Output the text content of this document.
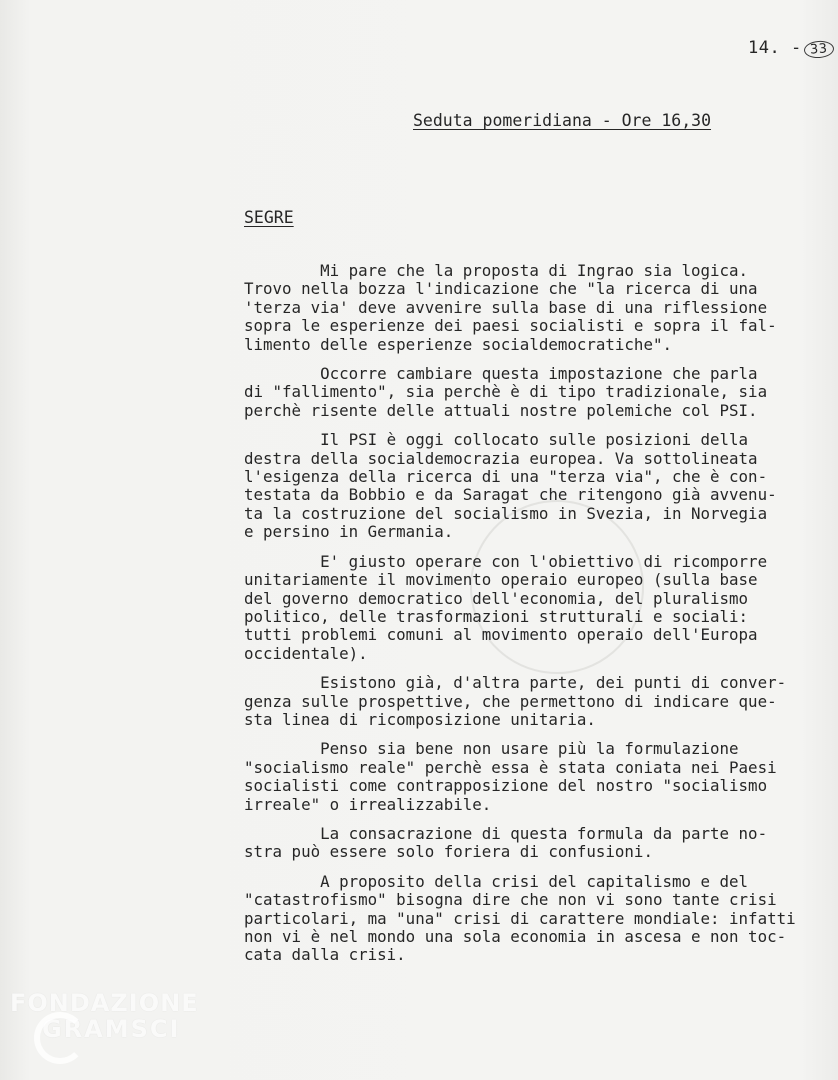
14. - 33
Seduta pomeridiana - Ore 16,30
SEGRE

Mi pare che la proposta di Ingrao sia logica.
Trovo nella bozza l'indicazione che "la ricerca di una
'terza via' deve avvenire sulla base di una riflessione
sopra le esperienze dei paesi socialisti e sopra il fal-
limento delle esperienze socialdemocratiche".

Occorre cambiare questa impostazione che parla
di "fallimento", sia perchè è di tipo tradizionale, sia
perchè risente delle attuali nostre polemiche col PSI.

Il PSI è oggi collocato sulle posizioni della
destra della socialdemocrazia europea. Va sottolineata
l'esigenza della ricerca di una "terza via", che è con-
testata da Bobbio e da Saragat che ritengono già avvenu-
ta la costruzione del socialismo in Svezia, in Norvegia
e persino in Germania.

E' giusto operare con l'obiettivo di ricomporre
unitariamente il movimento operaio europeo (sulla base
del governo democratico dell'economia, del pluralismo
politico, delle trasformazioni strutturali e sociali:
tutti problemi comuni al movimento operaio dell'Europa
occidentale).

Esistono già, d'altra parte, dei punti di conver-
genza sulle prospettive, che permettono di indicare que-
sta linea di ricomposizione unitaria.

Penso sia bene non usare più la formulazione
"socialismo reale" perchè essa è stata coniata nei Paesi
socialisti come contrapposizione del nostro "socialismo
irreale" o irrealizzabile.

La consacrazione di questa formula da parte no-
stra può essere solo foriera di confusioni.

A proposito della crisi del capitalismo e del
"catastrofismo" bisogna dire che non vi sono tante crisi
particolari, ma "una" crisi di carattere mondiale: infatti
non vi è nel mondo una sola economia in ascesa e non toc-
cata dalla crisi.

FONDAZIONE
GRAMSCI
